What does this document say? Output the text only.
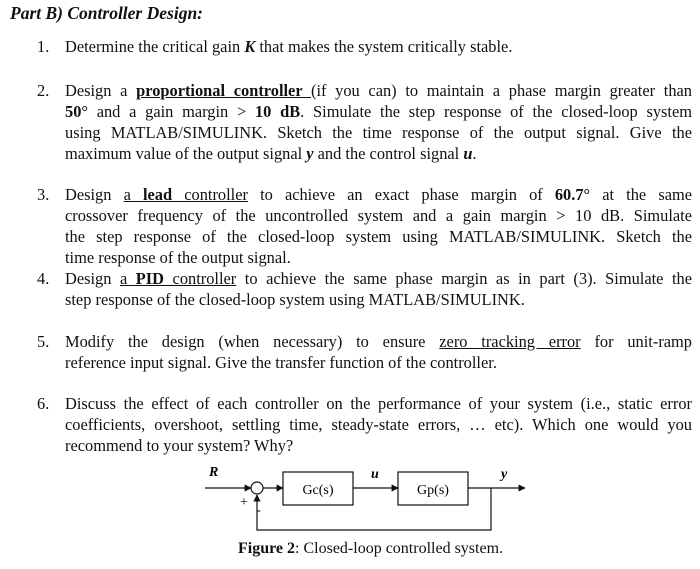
Part B) Controller Design:
1. Determine the critical gain K that makes the system critically stable.
2. Design a proportional controller (if you can) to maintain a phase margin greater than
50° and a gain margin > 10 dB. Simulate the step response of the closed-loop system
using MATLAB/SIMULINK. Sketch the time response of the output signal. Give the
maximum value of the output signal y and the control signal u.
3. Design a lead controller to achieve an exact phase margin of 60.7° at the same
crossover frequency of the uncontrolled system and a gain margin > 10 dB. Simulate
the step response of the closed-loop system using MATLAB/SIMULINK. Sketch the
time response of the output signal.
4. Design a PID controller to achieve the same phase margin as in part (3). Simulate the
step response of the closed-loop system using MATLAB/SIMULINK.
5. Modify the design (when necessary) to ensure zero tracking error for unit-ramp
reference input signal. Give the transfer function of the controller.
6. Discuss the effect of each controller on the performance of your system (i.e., static error
coefficients, overshoot, settling time, steady-state errors, … etc). Which one would you
recommend to your system? Why?
R
+
-
Gc(s)
u
Gp(s)
y
Figure 2: Closed-loop controlled system.
